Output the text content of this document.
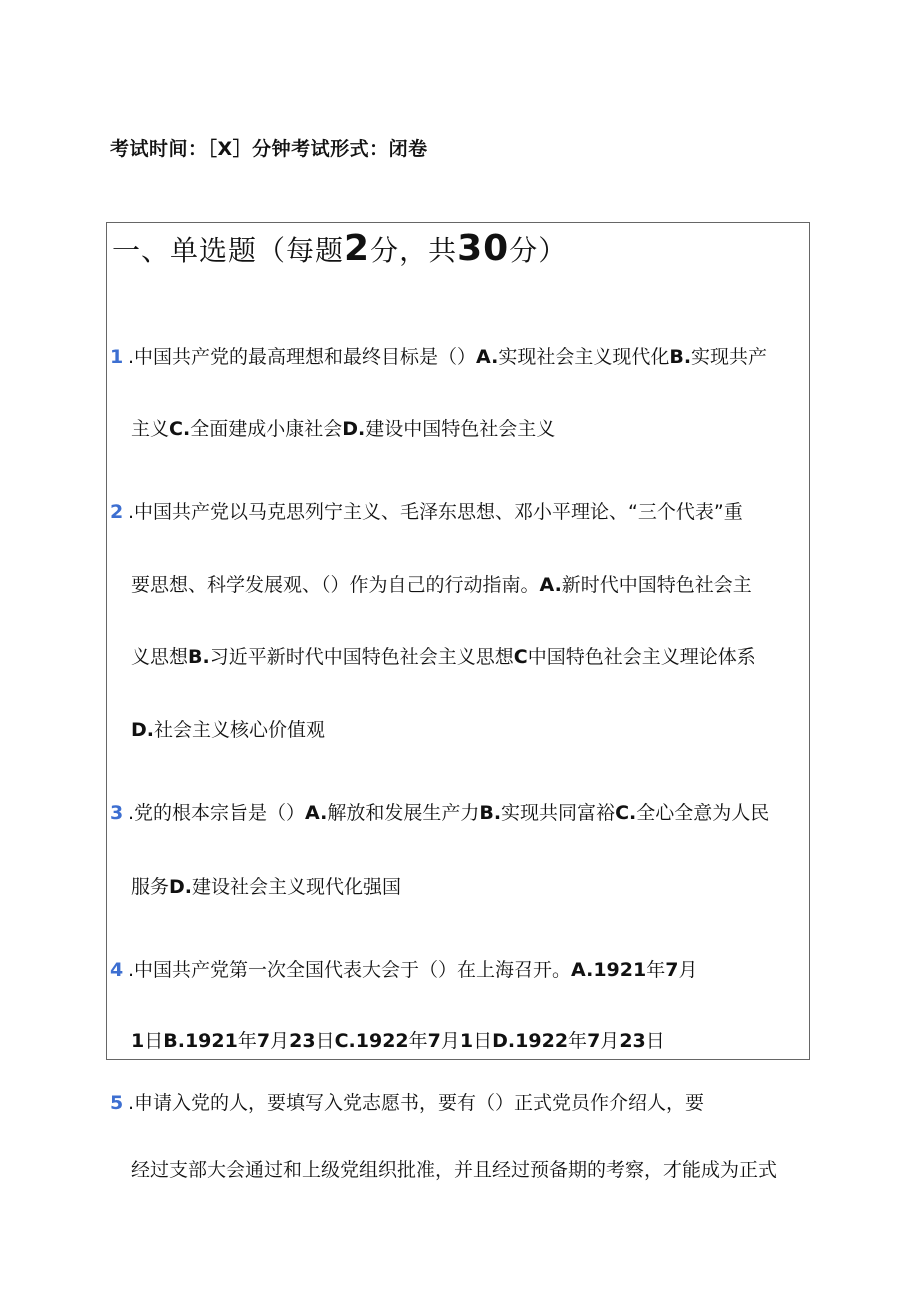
考试时间：［X］分钟考试形式：闭卷
一、单选题（每题2分，共30分）
1 .中国共产党的最高理想和最终目标是（）A.实现社会主义现代化B.实现共产
主义C.全面建成小康社会D.建设中国特色社会主义
2 .中国共产党以马克思列宁主义、毛泽东思想、邓小平理论、“三个代表”重
要思想、科学发展观、（）作为自己的行动指南。A.新时代中国特色社会主
义思想B.习近平新时代中国特色社会主义思想C中国特色社会主义理论体系
D.社会主义核心价值观
3 .党的根本宗旨是（）A.解放和发展生产力B.实现共同富裕C.全心全意为人民
服务D.建设社会主义现代化强国
4 .中国共产党第一次全国代表大会于（）在上海召开。A.1921年7月
1日B.1921年7月23日C.1922年7月1日D.1922年7月23日
5 .申请入党的人，要填写入党志愿书，要有（）正式党员作介绍人，要
经过支部大会通过和上级党组织批准，并且经过预备期的考察，才能成为正式
